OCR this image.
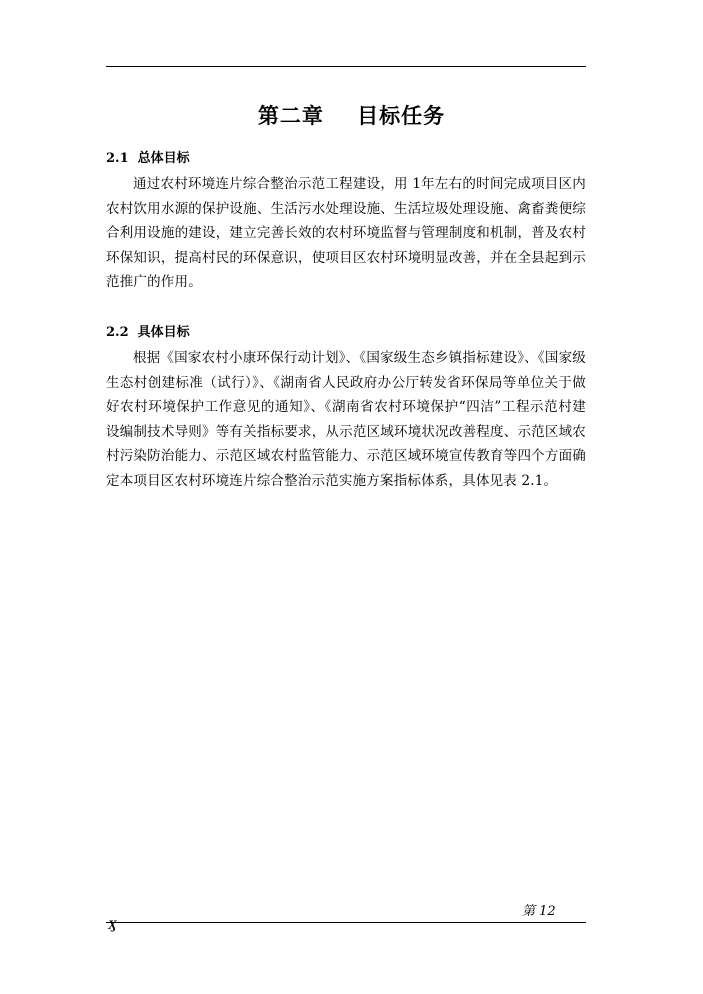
第二章    目标任务
2.1  总体目标
通过农村环境连片综合整治示范工程建设，用 1年左右的时间完成项目区内农村饮用水源的保护设施、生活污水处理设施、生活垃圾处理设施、禽畜粪便综合利用设施的建设，建立完善长效的农村环境监督与管理制度和机制，普及农村环保知识，提高村民的环保意识，使项目区农村环境明显改善，并在全县起到示范推广的作用。
2.2  具体目标
根据《国家农村小康环保行动计划》、《国家级生态乡镇指标建设》、《国家级生态村创建标准（试行）》、《湖南省人民政府办公厅转发省环保局等单位关于做好农村环境保护工作意见的通知》、《湖南省农村环境保护“四洁”工程示范村建设编制技术导则》等有关指标要求，从示范区域环境状况改善程度、示范区域农村污染防治能力、示范区域农村监管能力、示范区域环境宣传教育等四个方面确定本项目区农村环境连片综合整治示范实施方案指标体系，具体见表 2.1。
第 12
Ӽ
